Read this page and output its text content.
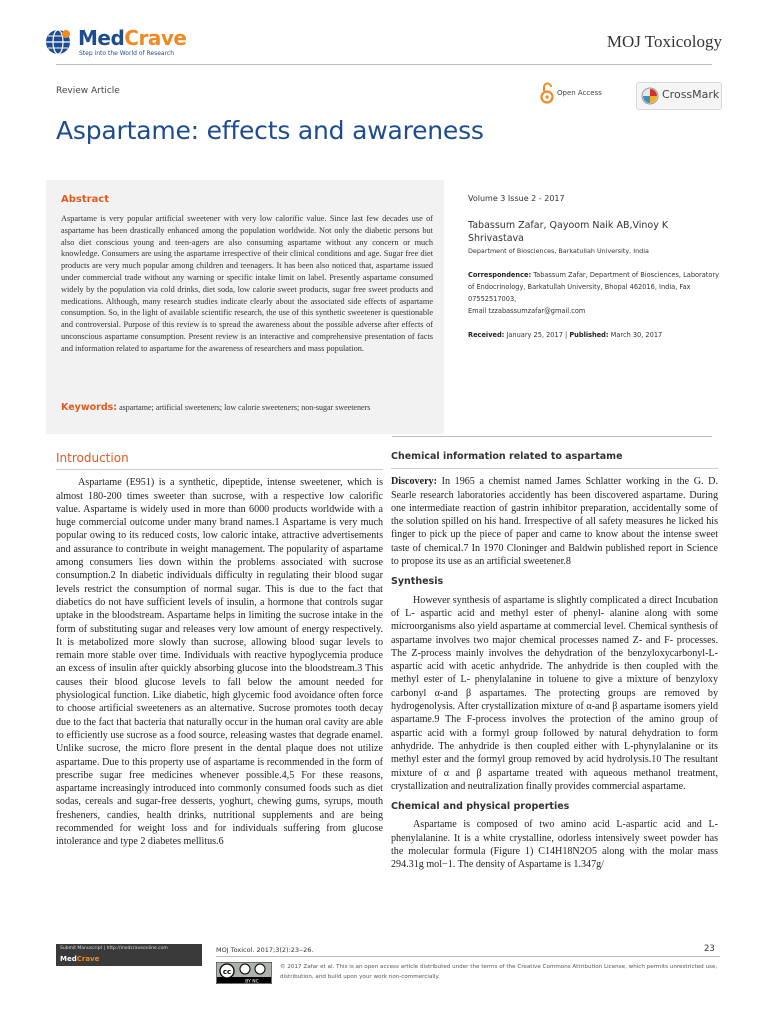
MedCrave
Step into the World of Research
MOJ Toxicology
Review Article	Open Access	CrossMark
Aspartame: effects and awareness
Abstract
Aspartame is very popular artificial sweetener with very low calorific value. Since last few decades use of aspartame has been drastically enhanced among the population worldwide. Not only the diabetic persons but also diet conscious young and teen-agers are also consuming aspartame without any concern or much knowledge. Consumers are using the aspartame irrespective of their clinical conditions and age. Sugar free diet products are very much popular among children and teenagers. It has been also noticed that, aspartame issued under commercial trade without any warning or specific intake limit on label. Presently aspartame consumed widely by the population via cold drinks, diet soda, low calorie sweet products, sugar free sweet products and medications. Although, many research studies indicate clearly about the associated side effects of aspartame consumption. So, in the light of available scientific research, the use of this synthetic sweetener is questionable and controversial. Purpose of this review is to spread the awareness about the possible adverse after effects of unconscious aspartame consumption. Present review is an interactive and comprehensive presentation of facts and information related to aspartame for the awareness of researchers and mass population.
Keywords: aspartame; artificial sweeteners; low calorie sweeteners; non-sugar sweeteners
Volume 3 Issue 2 - 2017
Tabassum Zafar, Qayoom Naik AB,Vinoy K Shrivastava
Department of Biosciences, Barkatullah University, India
Correspondence: Tabassum Zafar, Department of Biosciences, Laboratory of Endocrinology, Barkatullah University, Bhopal 462016, India, Fax 07552517003,
Email tzzabassumzafar@gmail.com
Received: January 25, 2017 | Published: March 30, 2017
Introduction

Aspartame (E951) is a synthetic, dipeptide, intense sweetener, which is almost 180-200 times sweeter than sucrose, with a respective low calorific value. Aspartame is widely used in more than 6000 products worldwide with a huge commercial outcome under many brand names.1 Aspartame is very much popular owing to its reduced costs, low caloric intake, attractive advertisements and assurance to contribute in weight management. The popularity of aspartame among consumers lies down within the problems associated with sucrose consumption.2 In diabetic individuals difficulty in regulating their blood sugar levels restrict the consumption of normal sugar. This is due to the fact that diabetics do not have sufficient levels of insulin, a hormone that controls sugar uptake in the bloodstream. Aspartame helps in limiting the sucrose intake in the form of substituting sugar and releases very low amount of energy respectively. It is metabolized more slowly than sucrose, allowing blood sugar levels to remain more stable over time. Individuals with reactive hypoglycemia produce an excess of insulin after quickly absorbing glucose into the bloodstream.3 This causes their blood glucose levels to fall below the amount needed for physiological function. Like diabetic, high glycemic food avoidance often force to choose artificial sweeteners as an alternative. Sucrose promotes tooth decay due to the fact that bacteria that naturally occur in the human oral cavity are able to efficiently use sucrose as a food source, releasing wastes that degrade enamel. Unlike sucrose, the micro flore present in the dental plaque does not utilize aspartame. Due to this property use of aspartame is recommended in the form of prescribe sugar free medicines whenever possible.4,5 For these reasons, aspartame increasingly introduced into commonly consumed foods such as diet sodas, cereals and sugar-free desserts, yoghurt, chewing gums, syrups, mouth fresheners, candies, health drinks, nutritional supplements and are being recommended for weight loss and for individuals suffering from glucose intolerance and type 2 diabetes mellitus.6

Chemical information related to aspartame

Discovery: In 1965 a chemist named James Schlatter working in the G. D. Searle research laboratories accidently has been discovered aspartame. During one intermediate reaction of gastrin inhibitor preparation, accidentally some of the solution spilled on his hand. Irrespective of all safety measures he licked his finger to pick up the piece of paper and came to know about the intense sweet taste of chemical.7 In 1970 Cloninger and Baldwin published report in Science to propose its use as an artificial sweetener.8

Synthesis

However synthesis of aspartame is slightly complicated a direct Incubation of L- aspartic acid and methyl ester of phenyl- alanine along with some microorganisms also yield aspartame at commercial level. Chemical synthesis of aspartame involves two major chemical processes named Z- and F- processes. The Z-process mainly involves the dehydration of the benzyloxycarbonyl-L-aspartic acid with acetic anhydride. The anhydride is then coupled with the methyl ester of L- phenylalanine in toluene to give a mixture of benzyloxy carbonyl α-and β aspartames. The protecting groups are removed by hydrogenolysis. After crystallization mixture of α-and β aspartame isomers yield aspartame.9 The F-process involves the protection of the amino group of aspartic acid with a formyl group followed by natural dehydration to form anhydride. The anhydride is then coupled either with L-phynylalanine or its methyl ester and the formyl group removed by acid hydrolysis.10 The resultant mixture of α and β aspartame treated with aqueous methanol treatment, crystallization and neutralization finally provides commercial aspartame.

Chemical and physical properties

Aspartame is composed of two amino acid L-aspartic acid and L-phenylalanine. It is a white crystalline, odorless intensively sweet powder has the molecular formula (Figure 1) C14H18N2O5 along with the molar mass 294.31g mol−1. The density of Aspartame is 1.347g/

Submit Manuscript | http://medcraveonline.com
MedCrave
MOJ Toxicol. 2017;3(2):23‒26.	23
cc
BY NC
© 2017 Zafar et al. This is an open access article distributed under the terms of the Creative Commons Attribution License, which permits unrestricted use, distribution, and build upon your work non-commercially.
